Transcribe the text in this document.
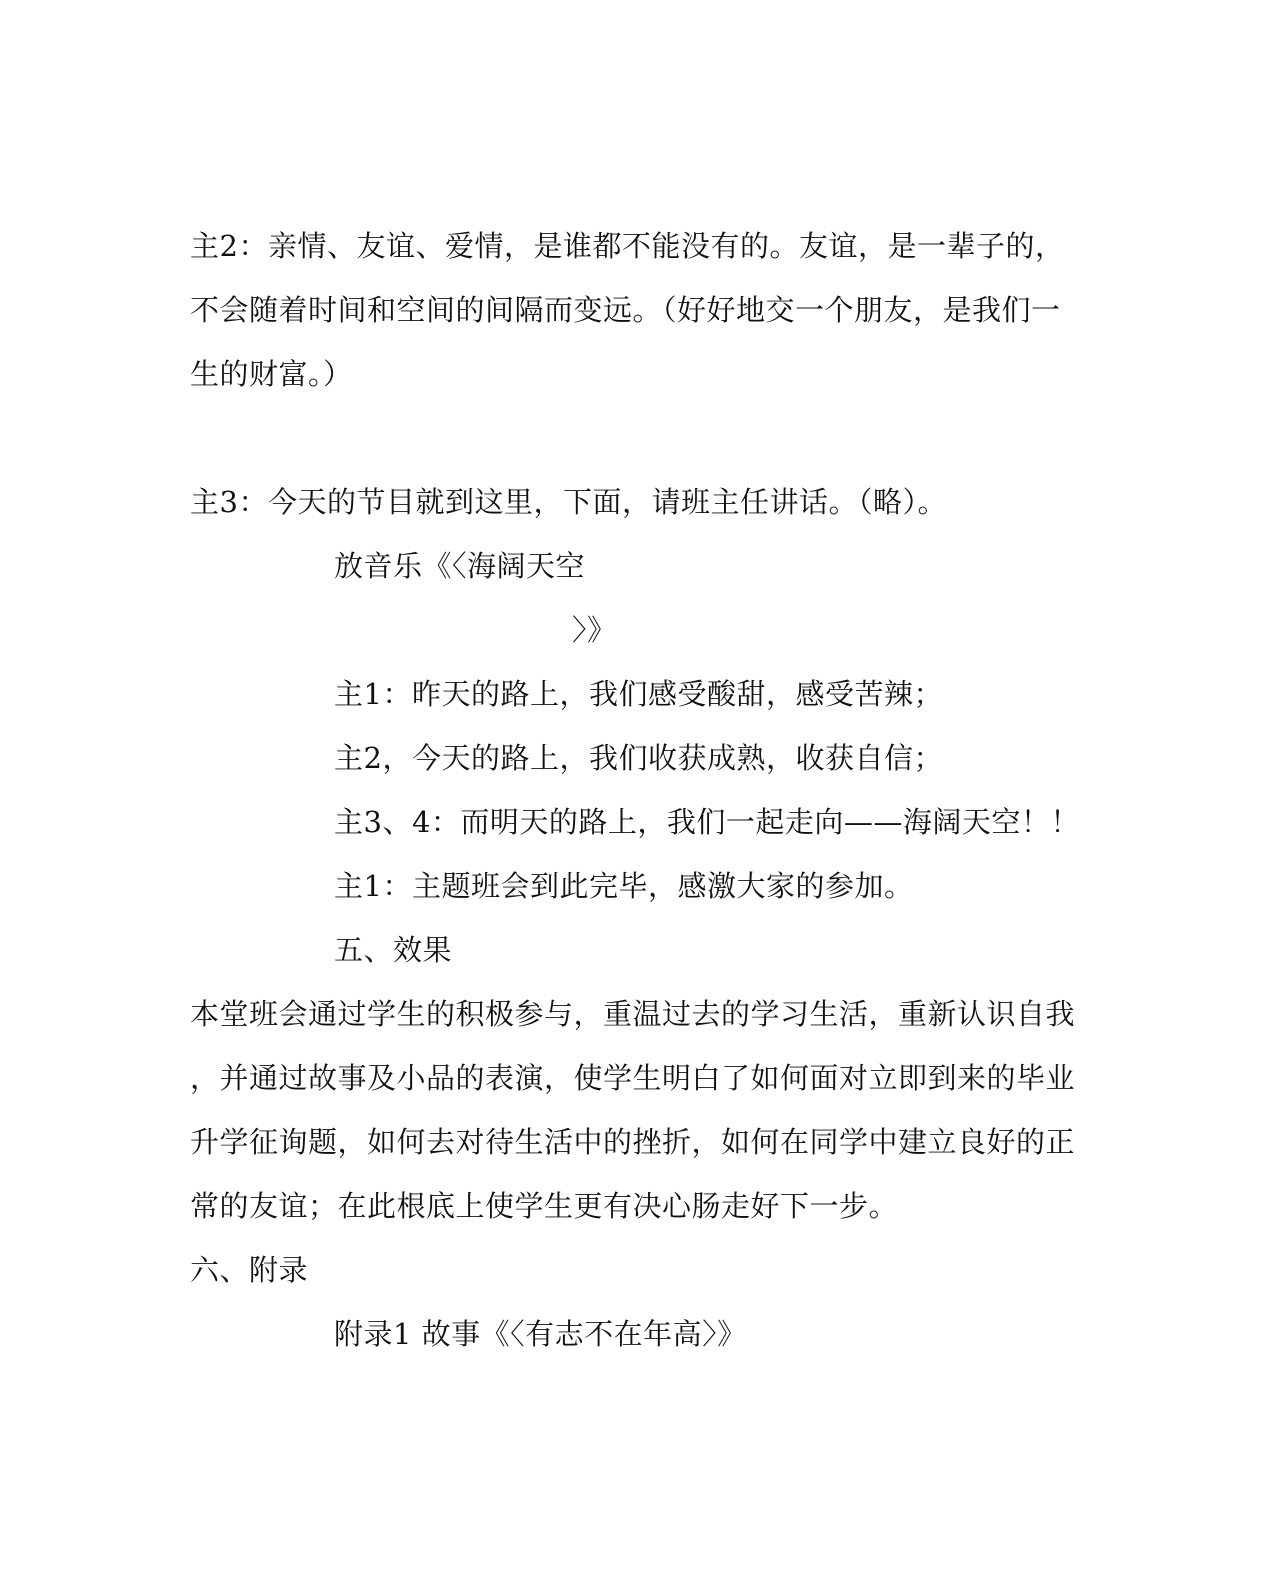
主2：亲情、友谊、爱情，是谁都不能没有的。友谊，是一辈子的，
不会随着时间和空间的间隔而变远。（好好地交一个朋友，是我们一
生的财富。）
主3：今天的节目就到这里，下面，请班主任讲话。（略）。
放音乐《〈海阔天空
〉》
主1：昨天的路上，我们感受酸甜，感受苦辣；
主2，今天的路上，我们收获成熟，收获自信；
主3、4：而明天的路上，我们一起走向——海阔天空！！
主1：主题班会到此完毕，感激大家的参加。
五、效果
本堂班会通过学生的积极参与，重温过去的学习生活，重新认识自我
，并通过故事及小品的表演，使学生明白了如何面对立即到来的毕业
升学征询题，如何去对待生活中的挫折，如何在同学中建立良好的正
常的友谊；在此根底上使学生更有决心肠走好下一步。
六、附录
附录1 故事《〈有志不在年高〉》
